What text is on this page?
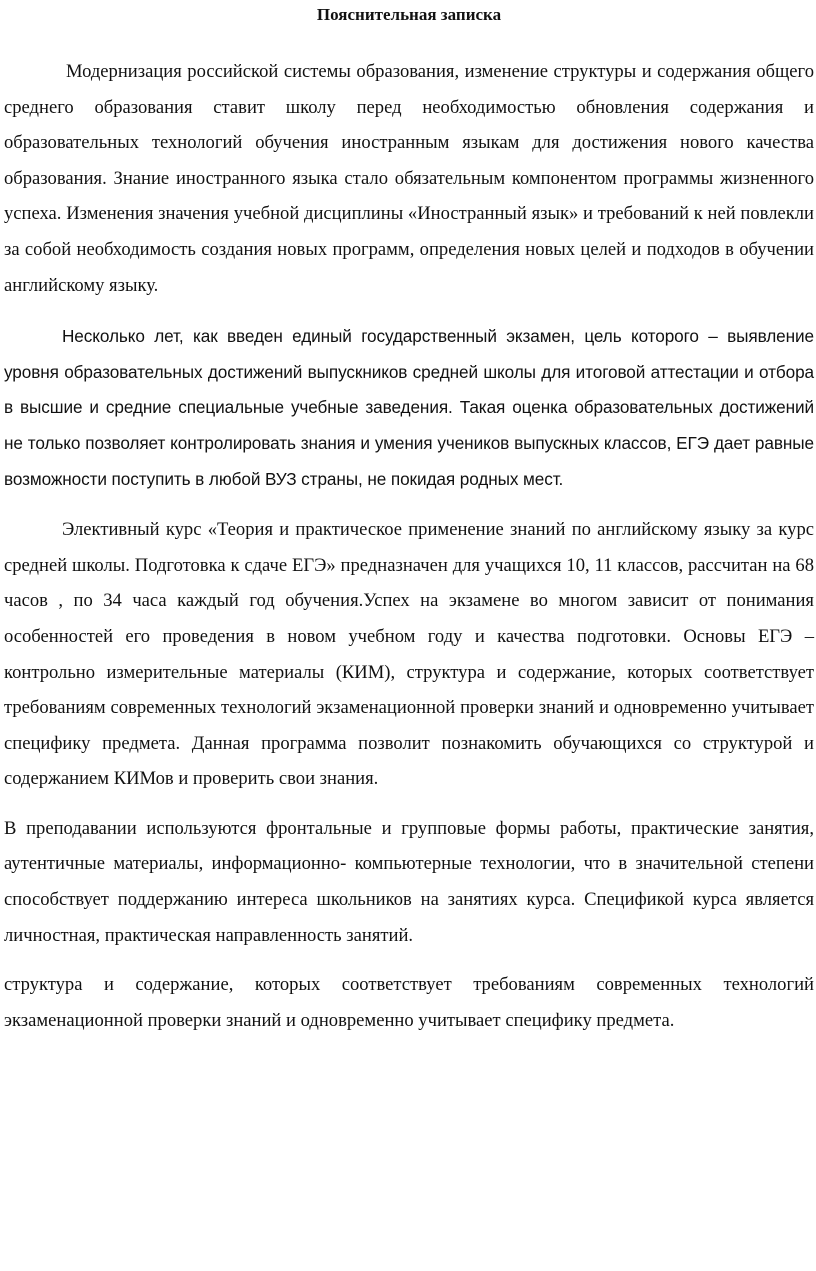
Пояснительная записка

Модернизация российской системы образования, изменение структуры и содержания общего среднего образования ставит школу перед необходимостью обновления содержания и образовательных технологий обучения иностранным языкам для достижения нового качества образования. Знание иностранного языка стало обязательным компонентом программы жизненного успеха. Изменения значения учебной дисциплины «Иностранный язык» и требований к ней повлекли за собой необходимость создания новых программ, определения новых целей и подходов в обучении английскому языку.

Несколько лет, как введен единый государственный экзамен, цель которого – выявление уровня образовательных достижений выпускников средней школы для итоговой аттестации и отбора в высшие и средние специальные учебные заведения. Такая оценка образовательных достижений не только позволяет контролировать знания и умения учеников выпускных классов, ЕГЭ дает равные возможности поступить в любой ВУЗ страны, не покидая родных мест.

Элективный курс «Теория и практическое применение знаний по английскому языку за курс средней школы. Подготовка к сдаче ЕГЭ» предназначен для учащихся 10, 11 классов, рассчитан на 68 часов , по 34 часа каждый год обучения.Успех на экзамене во многом зависит от понимания особенностей его проведения в новом учебном году и качества подготовки. Основы ЕГЭ – контрольно измерительные материалы (КИМ), структура и содержание, которых соответствует требованиям современных технологий экзаменационной проверки знаний и одновременно учитывает специфику предмета. Данная программа позволит познакомить обучающихся со структурой и содержанием КИМов и проверить свои знания.

В преподавании используются фронтальные и групповые формы работы, практические занятия, аутентичные материалы, информационно- компьютерные технологии, что в значительной степени способствует поддержанию интереса школьников на занятиях курса. Спецификой курса является личностная, практическая направленность занятий.

структура и содержание, которых соответствует требованиям современных технологий экзаменационной проверки знаний и одновременно учитывает специфику предмета.
